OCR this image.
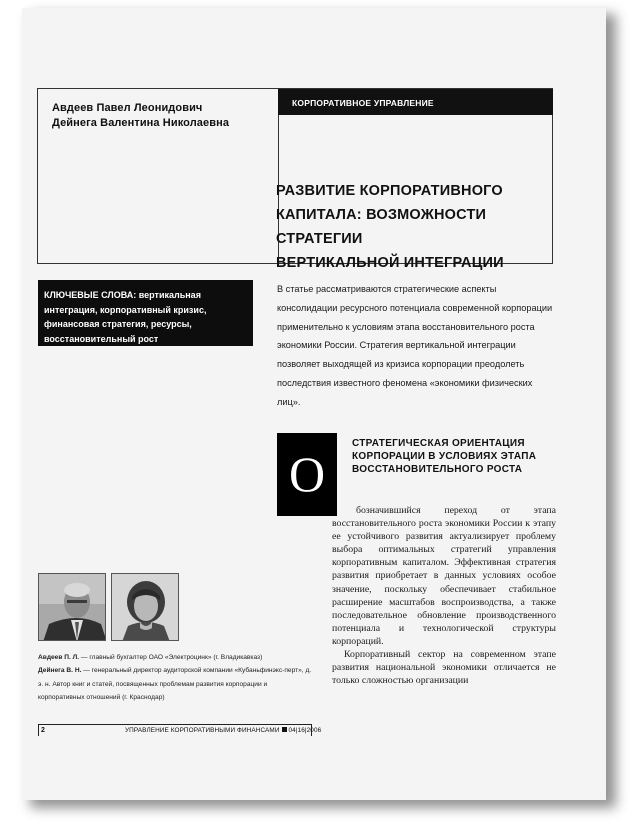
Авдеев Павел Леонидович
Дейнега Валентина Николаевна
КОРПОРАТИВНОЕ УПРАВЛЕНИЕ
РАЗВИТИЕ КОРПОРАТИВНОГО
КАПИТАЛА: ВОЗМОЖНОСТИ СТРАТЕГИИ
ВЕРТИКАЛЬНОЙ ИНТЕГРАЦИИ
КЛЮЧЕВЫЕ СЛОВА: вертикальная интеграция, корпоративный кризис, финансовая стратегия, ресурсы, восстановительный рост
В статье рассматриваются стратегические аспекты консолидации ресурсного потенциала современной корпорации применительно к условиям этапа восстановительного роста экономики России. Стратегия вертикальной интеграции позволяет выходящей из кризиса корпорации преодолеть последствия известного феномена «экономики физических лиц».
О
СТРАТЕГИЧЕСКАЯ ОРИЕНТАЦИЯ КОРПОРАЦИИ В УСЛОВИЯХ ЭТАПА ВОССТАНОВИТЕЛЬНОГО РОСТА

бозначившийся переход от этапа восстановительного роста экономики России к этапу ее устойчивого развития актуализирует проблему выбора оптимальных стратегий управления корпоративным капиталом. Эффективная стратегия развития приобретает в данных условиях особое значение, поскольку обеспечивает стабильное расширение масштабов воспроизводства, а также последовательное обновление производственного потенциала и технологической структуры корпораций.

Корпоративный сектор на современном этапе развития национальной экономики отличается не только сложностью организации

Авдеев П. Л. — главный бухгалтер ОАО «Электроцинк» (г. Владикавказ)
Дейнега В. Н. — генеральный директор аудиторской компании «Кубаньфинэкс-перт», д. э. н. Автор книг и статей, посвященных проблемам развития корпорации и корпоративных отношений (г. Краснодар)
2	УПРАВЛЕНИЕ КОРПОРАТИВНЫМИ ФИНАНСАМИ 04|16|2006
